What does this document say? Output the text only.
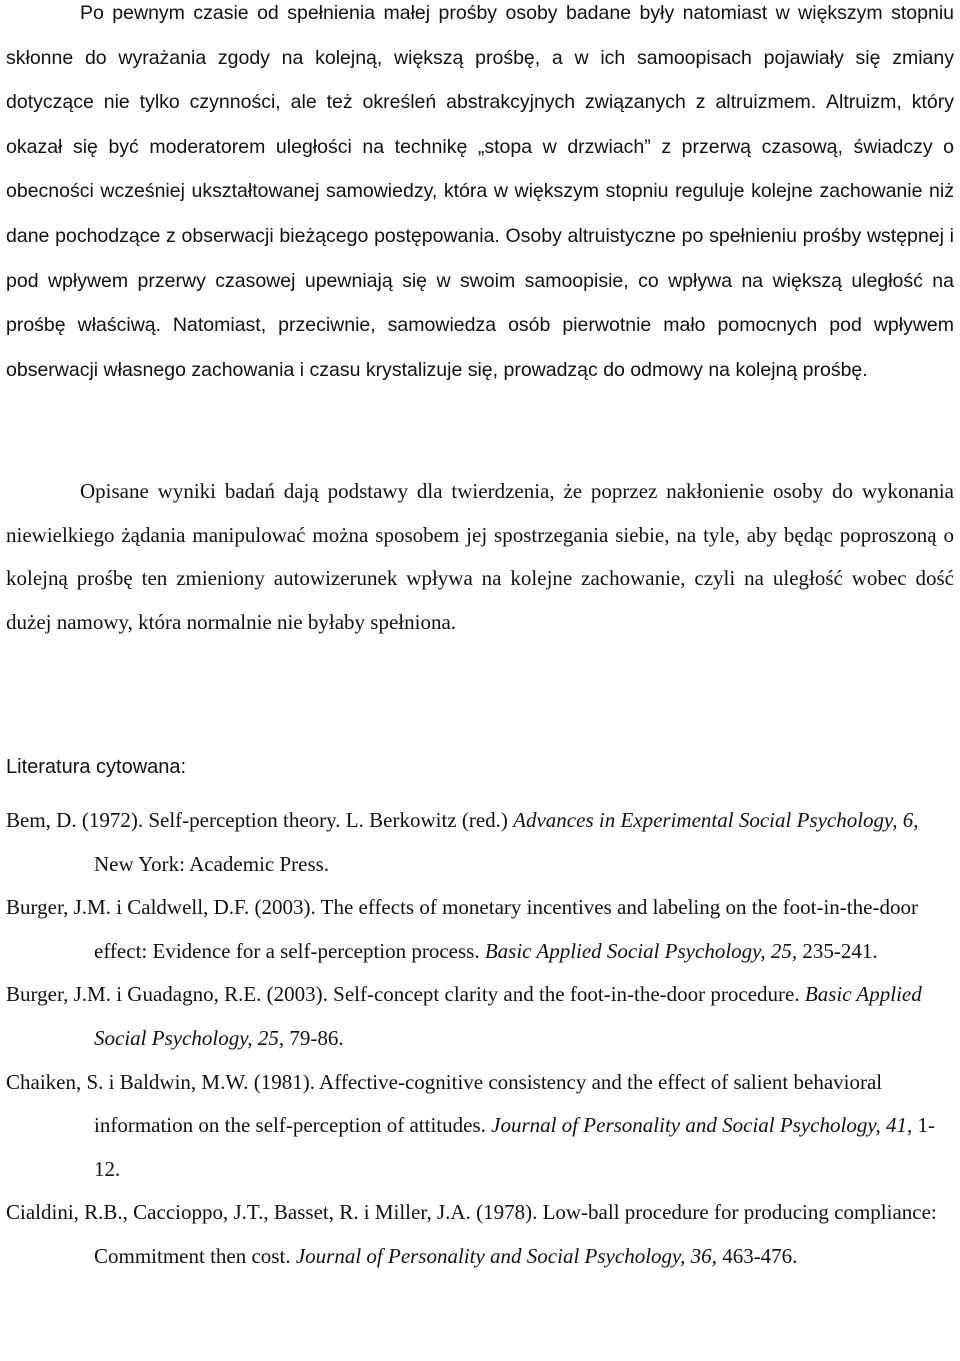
Po pewnym czasie od spełnienia małej prośby osoby badane były natomiast w większym stopniu skłonne do wyrażania zgody na kolejną, większą prośbę, a w ich samoopisach pojawiały się zmiany dotyczące nie tylko czynności, ale też określeń abstrakcyjnych związanych z altruizmem. Altruizm, który okazał się być moderatorem uległości na technikę „stopa w drzwiach” z przerwą czasową, świadczy o obecności wcześniej ukształtowanej samowiedzy, która w większym stopniu reguluje kolejne zachowanie niż dane pochodzące z obserwacji bieżącego postępowania. Osoby altruistyczne po spełnieniu prośby wstępnej i pod wpływem przerwy czasowej upewniają się w swoim samoopisie, co wpływa na większą uległość na prośbę właściwą. Natomiast, przeciwnie, samowiedza osób pierwotnie mało pomocnych pod wpływem obserwacji własnego zachowania i czasu krystalizuje się, prowadząc do odmowy na kolejną prośbę.

Opisane wyniki badań dają podstawy dla twierdzenia, że poprzez nakłonienie osoby do wykonania niewielkiego żądania manipulować można sposobem jej spostrzegania siebie, na tyle, aby będąc poproszoną o kolejną prośbę ten zmieniony autowizerunek wpływa na kolejne zachowanie, czyli na uległość wobec dość dużej namowy, która normalnie nie byłaby spełniona.

Literatura cytowana:
Bem, D. (1972). Self-perception theory. L. Berkowitz (red.) Advances in Experimental Social Psychology, 6, New York: Academic Press.
Burger, J.M. i Caldwell, D.F. (2003). The effects of monetary incentives and labeling on the foot-in-the-door effect: Evidence for a self-perception process. Basic Applied Social Psychology, 25, 235-241.
Burger, J.M. i Guadagno, R.E. (2003). Self-concept clarity and the foot-in-the-door procedure. Basic Applied Social Psychology, 25, 79-86.
Chaiken, S. i Baldwin, M.W. (1981). Affective-cognitive consistency and the effect of salient behavioral information on the self-perception of attitudes. Journal of Personality and Social Psychology, 41, 1-12.
Cialdini, R.B., Caccioppo, J.T., Basset, R. i Miller, J.A. (1978). Low-ball procedure for producing compliance: Commitment then cost. Journal of Personality and Social Psychology, 36, 463-476.
